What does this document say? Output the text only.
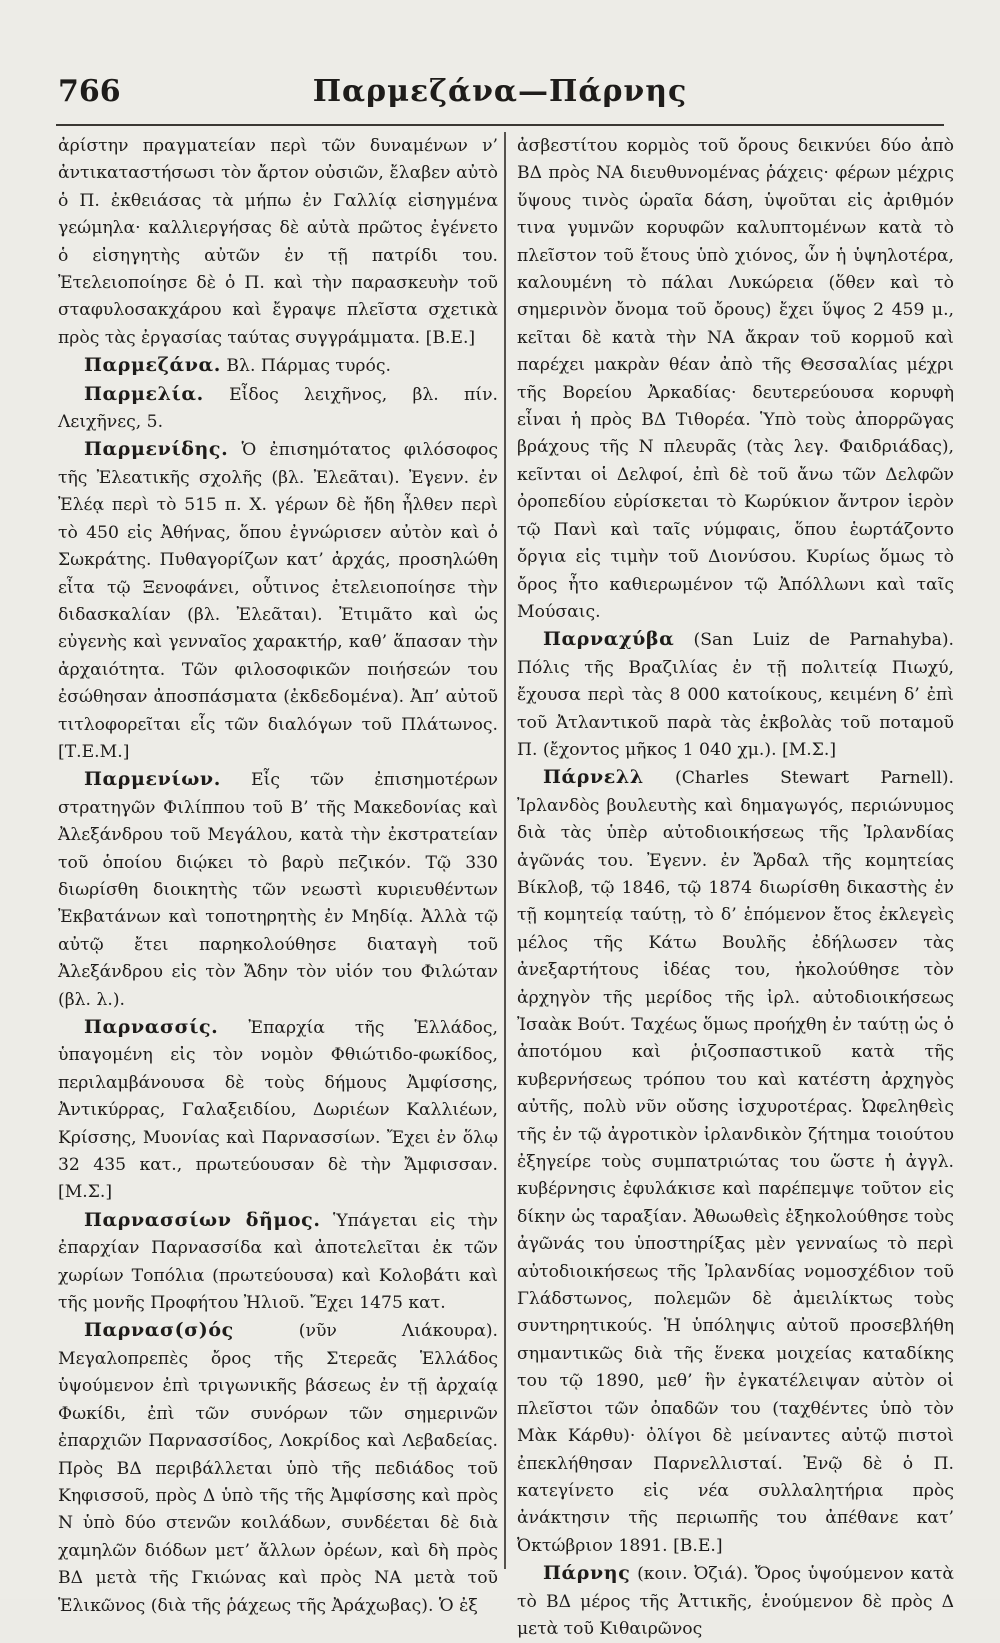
766	Παρμεζάνα—Πάρνης

ἀρίστην πραγματείαν περὶ τῶν δυναμένων ν’ ἀντικαταστήσωσι τὸν ἄρτον οὐσιῶν, ἔλαβεν αὐτὸ ὁ Π. ἐκθειάσας τὰ μήπω ἐν Γαλλίᾳ εἰσηγμένα γεώμηλα· καλλιεργήσας δὲ αὐτὰ πρῶτος ἐγένετο ὁ εἰσηγητὴς αὐτῶν ἐν τῇ πατρίδι του. Ἐτελειοποίησε δὲ ὁ Π. καὶ τὴν παρασκευὴν τοῦ σταφυλοσακχάρου καὶ ἔγραψε πλεῖστα σχετικὰ πρὸς τὰς ἐργασίας ταύτας συγγράμματα. [Β.Ε.]

Παρμεζάνα. Βλ. Πάρμας τυρός.

Παρμελία. Εἶδος λειχῆνος, βλ. πίν. Λειχῆνες, 5.

Παρμενίδης. Ὁ ἐπισημότατος φιλόσοφος τῆς Ἐλεατικῆς σχολῆς (βλ. Ἐλεᾶται). Ἐγενν. ἐν Ἐλέᾳ περὶ τὸ 515 π. Χ. γέρων δὲ ἤδη ἦλθεν περὶ τὸ 450 εἰς Ἀθήνας, ὅπου ἐγνώρισεν αὐτὸν καὶ ὁ Σωκράτης. Πυθαγορίζων κατ’ ἀρχάς, προσηλώθη εἶτα τῷ Ξενοφάνει, οὗτινος ἐτελειοποίησε τὴν διδασκαλίαν (βλ. Ἐλεᾶται). Ἐτιμᾶτο καὶ ὡς εὐγενὴς καὶ γενναῖος χαρακτήρ, καθ’ ἅπασαν τὴν ἀρχαιότητα. Τῶν φιλοσοφικῶν ποιήσεών του ἐσώθησαν ἀποσπάσματα (ἐκδεδομένα). Ἀπ’ αὐτοῦ τιτλοφορεῖται εἷς τῶν διαλόγων τοῦ Πλάτωνος. [Τ.Ε.Μ.]

Παρμενίων. Εἷς τῶν ἐπισημοτέρων στρατηγῶν Φιλίππου τοῦ Β’ τῆς Μακεδονίας καὶ Ἀλεξάνδρου τοῦ Μεγάλου, κατὰ τὴν ἐκστρατείαν τοῦ ὁποίου διῴκει τὸ βαρὺ πεζικόν. Τῷ 330 διωρίσθη διοικητὴς τῶν νεωστὶ κυριευθέντων Ἐκβατάνων καὶ τοποτηρητὴς ἐν Μηδίᾳ. Ἀλλὰ τῷ αὐτῷ ἔτει παρηκολούθησε διαταγὴ τοῦ Ἀλεξάνδρου εἰς τὸν Ἄδην τὸν υἱόν του Φιλώταν (βλ. λ.).

Παρνασσίς. Ἐπαρχία τῆς Ἑλλάδος, ὑπαγομένη εἰς τὸν νομὸν Φθιώτιδο-φωκίδος, περιλαμβάνουσα δὲ τοὺς δήμους Ἀμφίσσης, Ἀντικύρρας, Γαλαξειδίου, Δωριέων Καλλιέων, Κρίσσης, Μυονίας καὶ Παρνασσίων. Ἔχει ἐν ὅλῳ 32 435 κατ., πρωτεύουσαν δὲ τὴν Ἄμφισσαν. [Μ.Σ.]

Παρνασσίων δῆμος. Ὑπάγεται εἰς τὴν ἐπαρχίαν Παρνασσίδα καὶ ἀποτελεῖται ἐκ τῶν χωρίων Τοπόλια (πρωτεύουσα) καὶ Κολοβάτι καὶ τῆς μονῆς Προφήτου Ἠλιοῦ. Ἔχει 1475 κατ.

Παρνασ(σ)ός (νῦν Λιάκουρα). Μεγαλοπρεπὲς ὄρος τῆς Στερεᾶς Ἑλλάδος ὑψούμενον ἐπὶ τριγωνικῆς βάσεως ἐν τῇ ἀρχαίᾳ Φωκίδι, ἐπὶ τῶν συνόρων τῶν σημερινῶν ἐπαρχιῶν Παρνασσίδος, Λοκρίδος καὶ Λεβαδείας. Πρὸς ΒΔ περιβάλλεται ὑπὸ τῆς πεδιάδος τοῦ Κηφισσοῦ, πρὸς Δ ὑπὸ τῆς τῆς Ἀμφίσσης καὶ πρὸς Ν ὑπὸ δύο στενῶν κοιλάδων, συνδέεται δὲ διὰ χαμηλῶν διόδων μετ’ ἄλλων ὀρέων, καὶ δὴ πρὸς ΒΔ μετὰ τῆς Γκιώνας καὶ πρὸς ΝΑ μετὰ τοῦ Ἑλικῶνος (διὰ τῆς ῥάχεως τῆς Ἀράχωβας). Ὁ ἐξ

ἀσβεστίτου κορμὸς τοῦ ὄρους δεικνύει δύο ἀπὸ ΒΔ πρὸς ΝΑ διευθυνομένας ῥάχεις· φέρων μέχρις ὕψους τινὸς ὡραῖα δάση, ὑψοῦται εἰς ἀριθμόν τινα γυμνῶν κορυφῶν καλυπτομένων κατὰ τὸ πλεῖστον τοῦ ἔτους ὑπὸ χιόνος, ὧν ἡ ὑψηλοτέρα, καλουμένη τὸ πάλαι Λυκώρεια (ὅθεν καὶ τὸ σημερινὸν ὄνομα τοῦ ὄρους) ἔχει ὕψος 2 459 μ., κεῖται δὲ κατὰ τὴν ΝΑ ἄκραν τοῦ κορμοῦ καὶ παρέχει μακρὰν θέαν ἀπὸ τῆς Θεσσαλίας μέχρι τῆς Βορείου Ἀρκαδίας· δευτερεύουσα κορυφὴ εἶναι ἡ πρὸς ΒΔ Τιθορέα. Ὑπὸ τοὺς ἀπορρῶγας βράχους τῆς Ν πλευρᾶς (τὰς λεγ. Φαιδριάδας), κεῖνται οἱ Δελφοί, ἐπὶ δὲ τοῦ ἄνω τῶν Δελφῶν ὀροπεδίου εὑρίσκεται τὸ Κωρύκιον ἄντρον ἱερὸν τῷ Πανὶ καὶ ταῖς νύμφαις, ὅπου ἑωρτάζοντο ὄργια εἰς τιμὴν τοῦ Διονύσου. Κυρίως ὅμως τὸ ὄρος ἦτο καθιερωμένον τῷ Ἀπόλλωνι καὶ ταῖς Μούσαις.

Παρναχύβα (San Luiz de Parnahyba). Πόλις τῆς Βραζιλίας ἐν τῇ πολιτείᾳ Πιωχύ, ἔχουσα περὶ τὰς 8 000 κατοίκους, κειμένη δ’ ἐπὶ τοῦ Ἀτλαντικοῦ παρὰ τὰς ἐκβολὰς τοῦ ποταμοῦ Π. (ἔχοντος μῆκος 1 040 χμ.). [Μ.Σ.]

Πάρνελλ (Charles Stewart Parnell). Ἰρλανδὸς βουλευτὴς καὶ δημαγωγός, περιώνυμος διὰ τὰς ὑπὲρ αὐτοδιοικήσεως τῆς Ἰρλανδίας ἀγῶνάς του. Ἐγενν. ἐν Ἄρδαλ τῆς κομητείας Βίκλοβ, τῷ 1846, τῷ 1874 διωρίσθη δικαστὴς ἐν τῇ κομητείᾳ ταύτῃ, τὸ δ’ ἑπόμενον ἔτος ἐκλεγεὶς μέλος τῆς Κάτω Βουλῆς ἐδήλωσεν τὰς ἀνεξαρτήτους ἰδέας του, ἠκολούθησε τὸν ἀρχηγὸν τῆς μερίδος τῆς ἰρλ. αὐτοδιοικήσεως Ἰσαὰκ Βούτ. Ταχέως ὅμως προήχθη ἐν ταύτῃ ὡς ὁ ἀποτόμου καὶ ῥιζοσπαστικοῦ κατὰ τῆς κυβερνήσεως τρόπου του καὶ κατέστη ἀρχηγὸς αὐτῆς, πολὺ νῦν οὔσης ἰσχυροτέρας. Ὠφεληθεὶς τῆς ἐν τῷ ἀγροτικὸν ἰρλανδικὸν ζήτημα τοιούτου ἐξηγείρε τοὺς συμπατριώτας του ὥστε ἡ ἀγγλ. κυβέρνησις ἐφυλάκισε καὶ παρέπεμψε τοῦτον εἰς δίκην ὡς ταραξίαν. Ἀθωωθεὶς ἐξηκολούθησε τοὺς ἀγῶνάς του ὑποστηρίξας μὲν γενναίως τὸ περὶ αὐτοδιοικήσεως τῆς Ἰρλανδίας νομοσχέδιον τοῦ Γλάδστωνος, πολεμῶν δὲ ἀμειλίκτως τοὺς συντηρητικούς. Ἡ ὑπόληψις αὐτοῦ προσεβλήθη σημαντικῶς διὰ τῆς ἕνεκα μοιχείας καταδίκης του τῷ 1890, μεθ’ ἣν ἐγκατέλειψαν αὐτὸν οἱ πλεῖστοι τῶν ὀπαδῶν του (ταχθέντες ὑπὸ τὸν Μὰκ Κάρθυ)· ὀλίγοι δὲ μείναντες αὐτῷ πιστοὶ ἐπεκλήθησαν Παρνελλισταί. Ἐνῷ δὲ ὁ Π. κατεγίνετο εἰς νέα συλλαλητήρια πρὸς ἀνάκτησιν τῆς περιωπῆς του ἀπέθανε κατ’ Ὀκτώβριον 1891. [Β.Ε.]

Πάρνης (κοιν. Ὀζιά). Ὄρος ὑψούμενον κατὰ τὸ ΒΔ μέρος τῆς Ἀττικῆς, ἑνούμενον δὲ πρὸς Δ μετὰ τοῦ Κιθαιρῶνος
